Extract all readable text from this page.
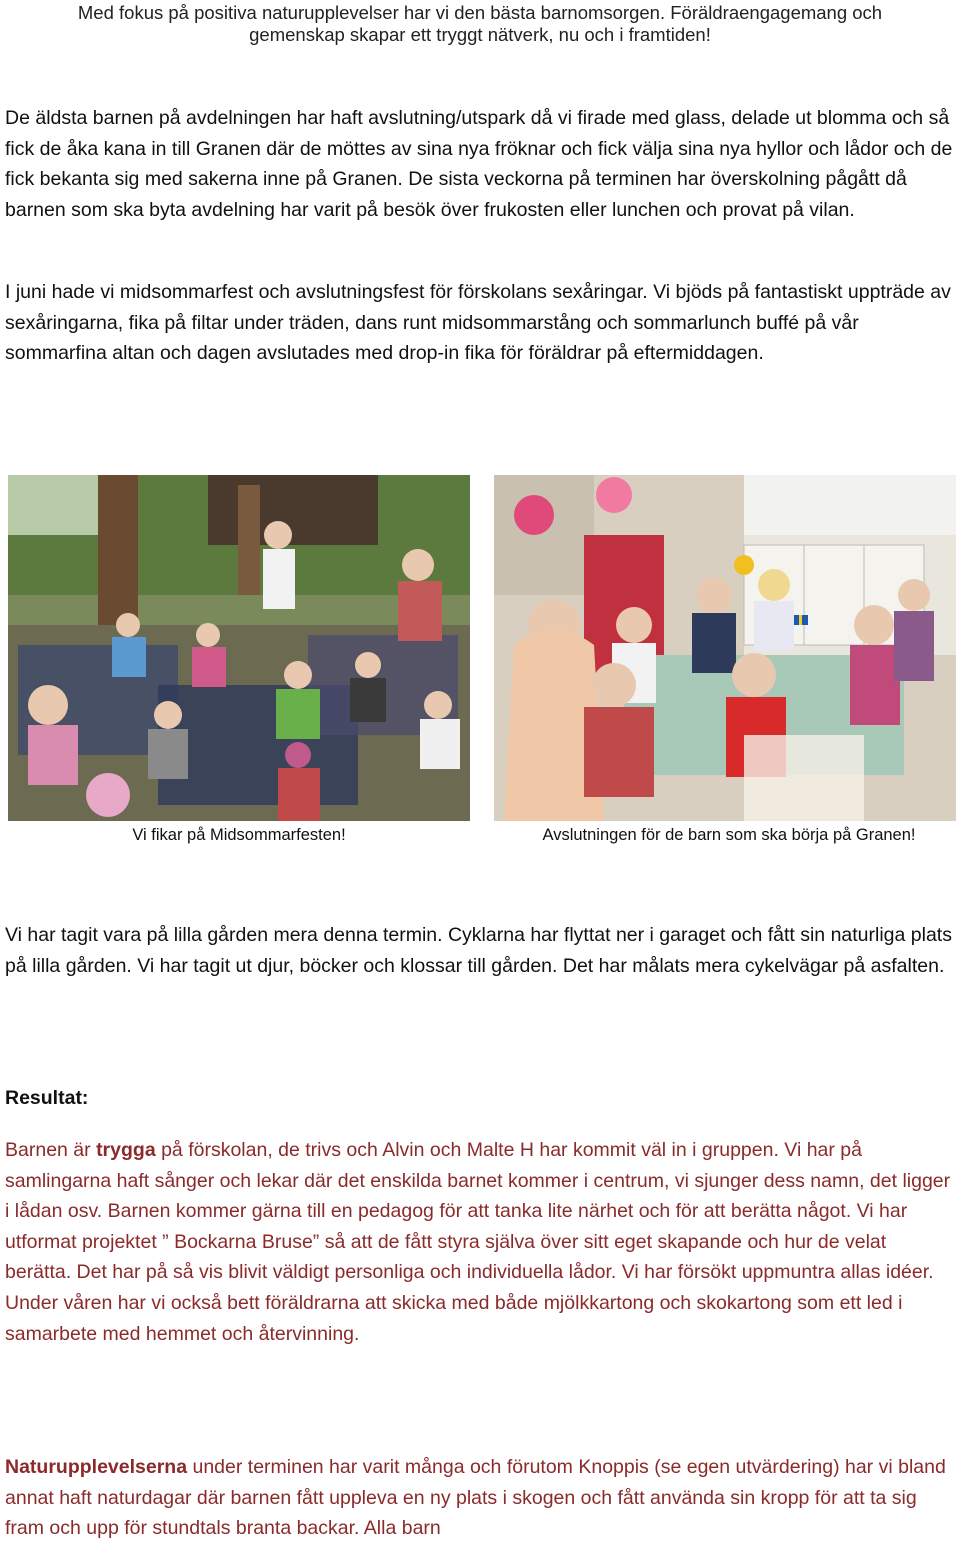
Med fokus på positiva naturupplevelser har vi den bästa barnomsorgen. Föräldraengagemang och
gemenskap skapar ett tryggt nätverk, nu och i framtiden!

De äldsta barnen på avdelningen har haft avslutning/utspark då vi firade med glass, delade ut blomma och så fick de åka kana in till Granen där de möttes av sina nya fröknar och fick välja sina nya hyllor och lådor och de fick bekanta sig med sakerna inne på Granen. De sista veckorna på terminen har överskolning pågått då barnen som ska byta avdelning har varit på besök över frukosten eller lunchen och provat på vilan.

I juni hade vi midsommarfest och avslutningsfest för förskolans sexåringar. Vi bjöds på fantastiskt uppträde av sexåringarna, fika på filtar under träden, dans runt midsommarstång och sommarlunch buffé på vår sommarfina altan och dagen avslutades med drop-in fika för föräldrar på eftermiddagen.

Vi fikar på Midsommarfesten!	Avslutningen för de barn som ska börja på Granen!

Vi har tagit vara på lilla gården mera denna termin. Cyklarna har flyttat ner i garaget och fått sin naturliga plats på lilla gården. Vi har tagit ut djur, böcker och klossar till gården. Det har målats mera cykelvägar på asfalten.

Resultat:

Barnen är trygga på förskolan, de trivs och Alvin och Malte H har kommit väl in i gruppen. Vi har på samlingarna haft sånger och lekar där det enskilda barnet kommer i centrum, vi sjunger dess namn, det ligger i lådan osv. Barnen kommer gärna till en pedagog för att tanka lite närhet och för att berätta något. Vi har utformat projektet ” Bockarna Bruse” så att de fått styra själva över sitt eget skapande och hur de velat berätta. Det har på så vis blivit väldigt personliga och individuella lådor. Vi har försökt uppmuntra allas idéer. Under våren har vi också bett föräldrarna att skicka med både mjölkkartong och skokartong som ett led i samarbete med hemmet och återvinning.

Naturupplevelserna under terminen har varit många och förutom Knoppis (se egen utvärdering) har vi bland annat haft naturdagar där barnen fått uppleva en ny plats i skogen och fått använda sin kropp för att ta sig fram och upp för stundtals branta backar. Alla barn
